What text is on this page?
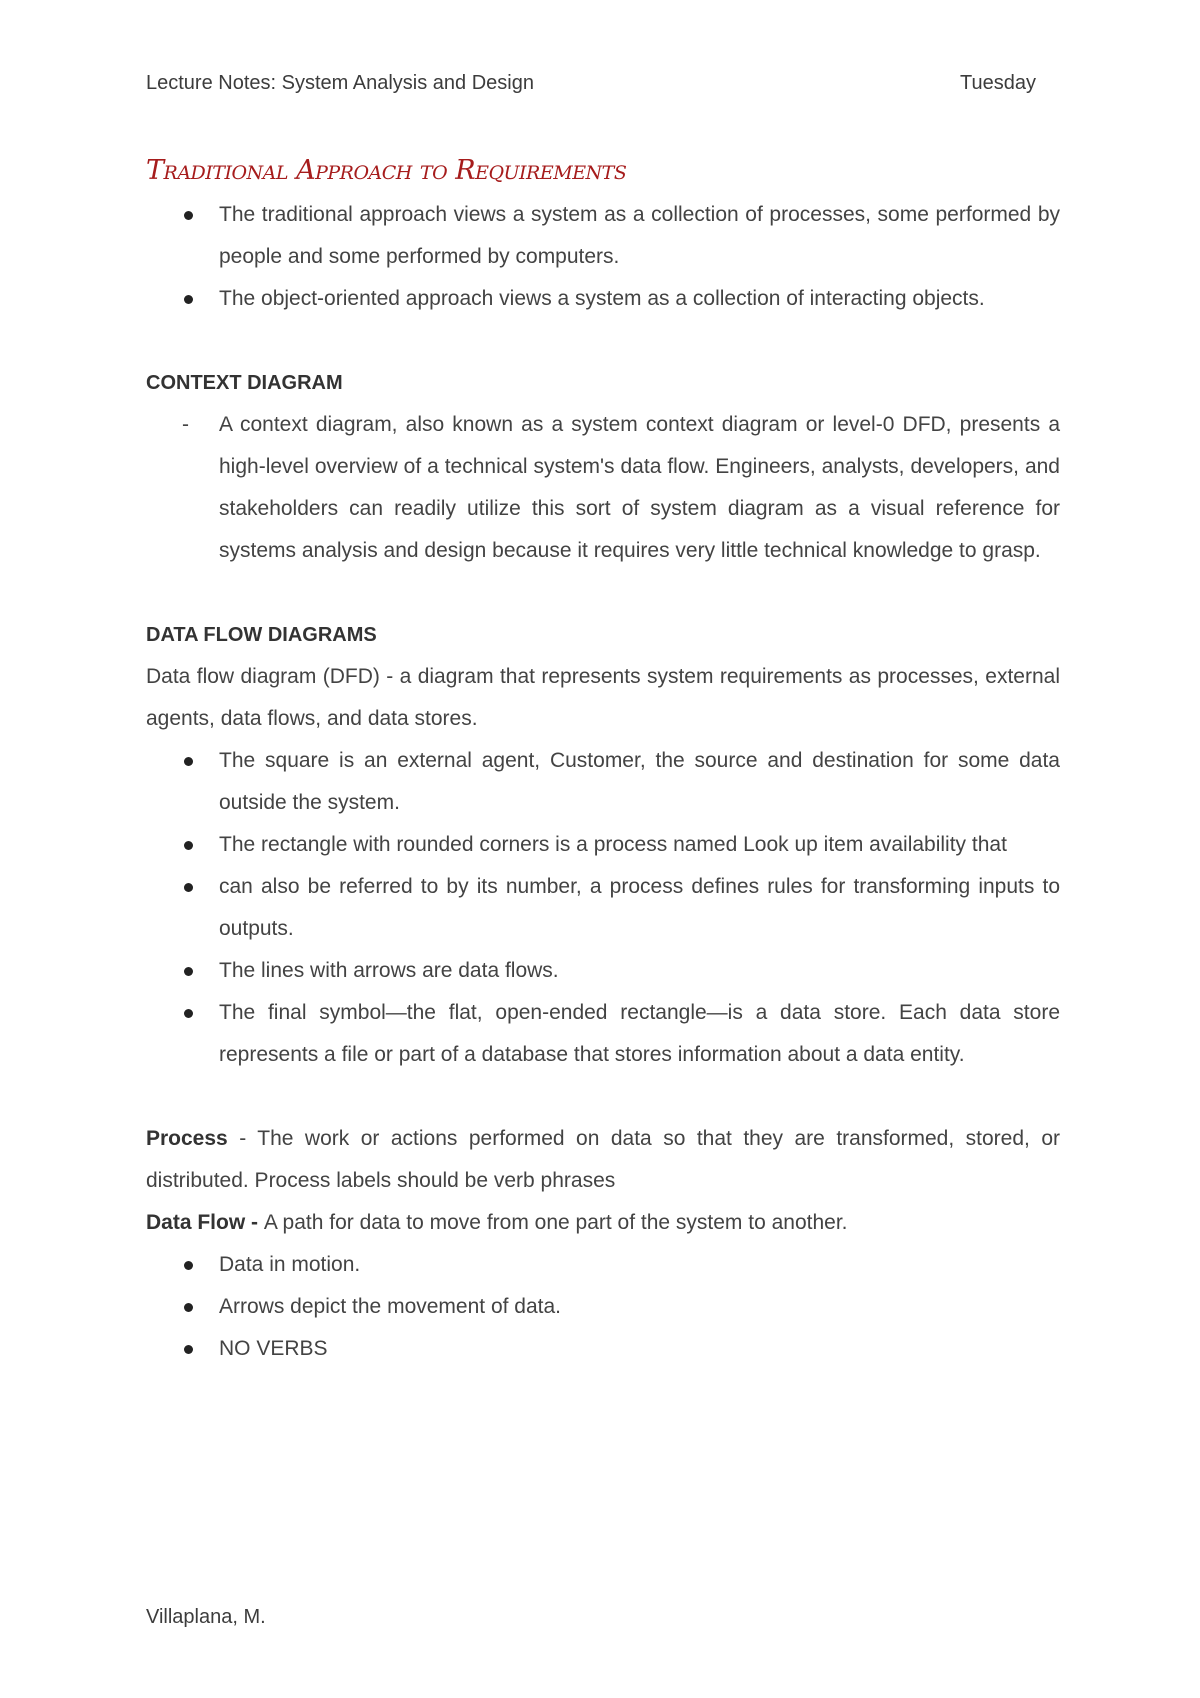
Lecture Notes: System Analysis and Design	Tuesday
Traditional Approach to Requirements
The traditional approach views a system as a collection of processes, some performed by people and some performed by computers.
The object-oriented approach views a system as a collection of interacting objects.
CONTEXT DIAGRAM
- A context diagram, also known as a system context diagram or level-0 DFD, presents a high-level overview of a technical system's data flow. Engineers, analysts, developers, and stakeholders can readily utilize this sort of system diagram as a visual reference for systems analysis and design because it requires very little technical knowledge to grasp.
DATA FLOW DIAGRAMS

Data flow diagram (DFD) - a diagram that represents system requirements as processes, external agents, data flows, and data stores.

The square is an external agent, Customer, the source and destination for some data outside the system.
The rectangle with rounded corners is a process named Look up item availability that
can also be referred to by its number, a process defines rules for transforming inputs to outputs.
The lines with arrows are data flows.
The final symbol—the flat, open-ended rectangle—is a data store. Each data store represents a file or part of a database that stores information about a data entity.

Process - The work or actions performed on data so that they are transformed, stored, or distributed. Process labels should be verb phrases

Data Flow - A path for data to move from one part of the system to another.

Data in motion.
Arrows depict the movement of data.
NO VERBS
Villaplana, M.
